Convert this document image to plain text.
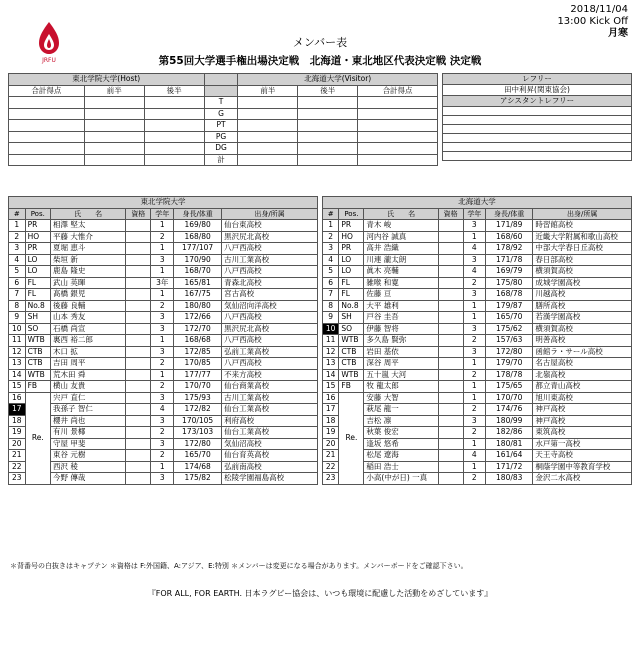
JRFU
メンバー表
第55回大学選手権出場決定戦　北海道・東北地区代表決定戦 決定戦
2018/11/04
13:00 Kick Off
月寒
東北学院大学(Host)				北海道大学(Visitor)		
合計得点	前半	後半		前半	後半	合計得点
			T			
			G			
			PT			
			PG			
			DG			
			計			
レフリー
田中利昇(関東協会)
アシスタントレフリー

東北学院大学						
#	Pos.	氏　　名	資格	学年	身長/体重	出身/所属
1	PR	相澤 堅太		1	169/80	仙台東高校
2	HO	平藤 大惟介		2	168/80	黒沢尻北高校
3	PR	夏堀 恵斗		1	177/107	八戸西高校
4	LO	柴垣 新		3	170/90	古川工業高校
5	LO	鹿島 隆史		1	168/70	八戸西高校
6	FL	武山 英暉		3年	165/81	青森北高校
7	FL	髙橋 銀児		1	167/75	宮古高校
8	No.8	後藤 良輔		2	180/80	気仙沼向洋高校
9	SH	山本 秀友		3	172/66	八戸西高校
10	SO	石橋 尚宣		3	172/70	黒沢尻北高校
11	WTB	裏西 裕二郎		1	168/68	八戸西高校
12	CTB	木口 拡		3	172/85	弘前工業高校
13	CTB	吉田 周平		2	170/85	八戸西高校
14	WTB	荒木田 舜		1	177/77	不来方高校
15	FB	横山 友貴		2	170/70	仙台商業高校
16	Re.	宍戸 直仁		3	175/93	古川工業高校
17		我孫子 智仁		4	172/82	仙台工業高校
18		櫻井 尚也		3	170/105	利府高校
19		有川 景椰		2	173/103	仙台工業高校
20		守屋 甲斐		3	172/80	気仙沼高校
21		東谷 元樹		2	165/70	仙台育英高校
22		西沢 稜		1	174/68	弘前南高校
23		今野 傳哉		3	175/82	松陵学園福島高校
北海道大学						
#	Pos.	氏　　名	資格	学年	身長/体重	出身/所属
1	PR	青木 峻		3	171/89	時習館高校
2	HO	河内谷 誠真		1	168/60	近畿大学附属和歌山高校
3	PR	高井 浩織		4	178/92	中部大学春日丘高校
4	LO	川連 瀧太朗		3	171/78	春日部高校
5	LO	眞木 亮輔		4	169/79	横須賀高校
6	FL	雑喉 和寛		2	175/80	成城学園高校
7	FL	佐藤 亘		3	168/78	川越高校
8	No.8	大平 雄利		1	179/87	膳所高校
9	SH	戸谷 圭吾		1	165/70	若漢学園高校
10	SO	伊藤 智将		3	175/62	横須賀高校
11	WTB	多久島 賢弥		2	157/63	明善高校
12	CTB	岩田 基依		3	172/80	函館ラ・サール高校
13	CTB	深谷 周平		1	179/70	名古屋高校
14	WTB	五十嵐 大河		2	178/78	北嶺高校
15	FB	牧 龍太郎		1	175/65	都立青山高校
16	Re.	安藤 大智		1	170/70	旭川東高校
17		萩尾 龍一		2	174/76	神戸高校
18		吉松 凛		3	180/99	神戸高校
19		秋葉 俊宏		2	182/86	東筑高校
20		逢坂 悠希		1	180/81	水戸第一高校
21		松尾 遼海		4	161/64	天王寺高校
22		稲田 浩士		1	171/72	桐蔭学園中等教育学校
23		小高(中が日) 一真		2	180/83	金沢二水高校
＊背番号の白抜きはキャプテン ＊資格は F:外国籍、A:アジア、E:特別 ＊メンバーは変更になる場合があります。メンバーボードをご確認下さい。
『FOR ALL, FOR EARTH. 日本ラグビー協会は、いつも環境に配慮した活動をめざしています』
